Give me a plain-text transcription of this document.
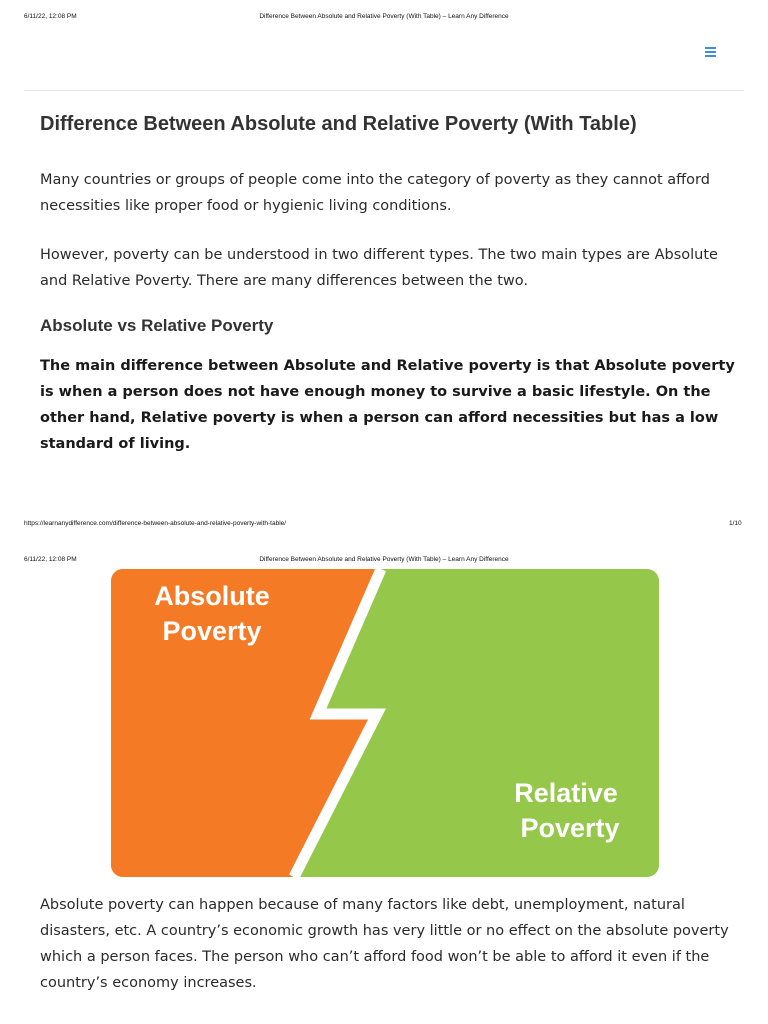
6/11/22, 12:08 PM	Difference Between Absolute and Relative Poverty (With Table) – Learn Any Difference
Difference Between Absolute and Relative Poverty (With Table)

Many countries or groups of people come into the category of poverty as they cannot afford necessities like proper food or hygienic living conditions.

However, poverty can be understood in two different types. The two main types are Absolute and Relative Poverty. There are many differences between the two.

Absolute vs Relative Poverty

The main difference between Absolute and Relative poverty is that Absolute poverty is when a person does not have enough money to survive a basic lifestyle. On the other hand, Relative poverty is when a person can afford necessities but has a low standard of living.

https://learnanydifference.com/difference-between-absolute-and-relative-poverty-with-table/	1/10
6/11/22, 12:08 PM	Difference Between Absolute and Relative Poverty (With Table) – Learn Any Difference
Absolute
Poverty
Relative
Poverty

Absolute poverty can happen because of many factors like debt, unemployment, natural disasters, etc. A country’s economic growth has very little or no effect on the absolute poverty which a person faces. The person who can’t afford food won’t be able to afford it even if the country’s economy increases.
